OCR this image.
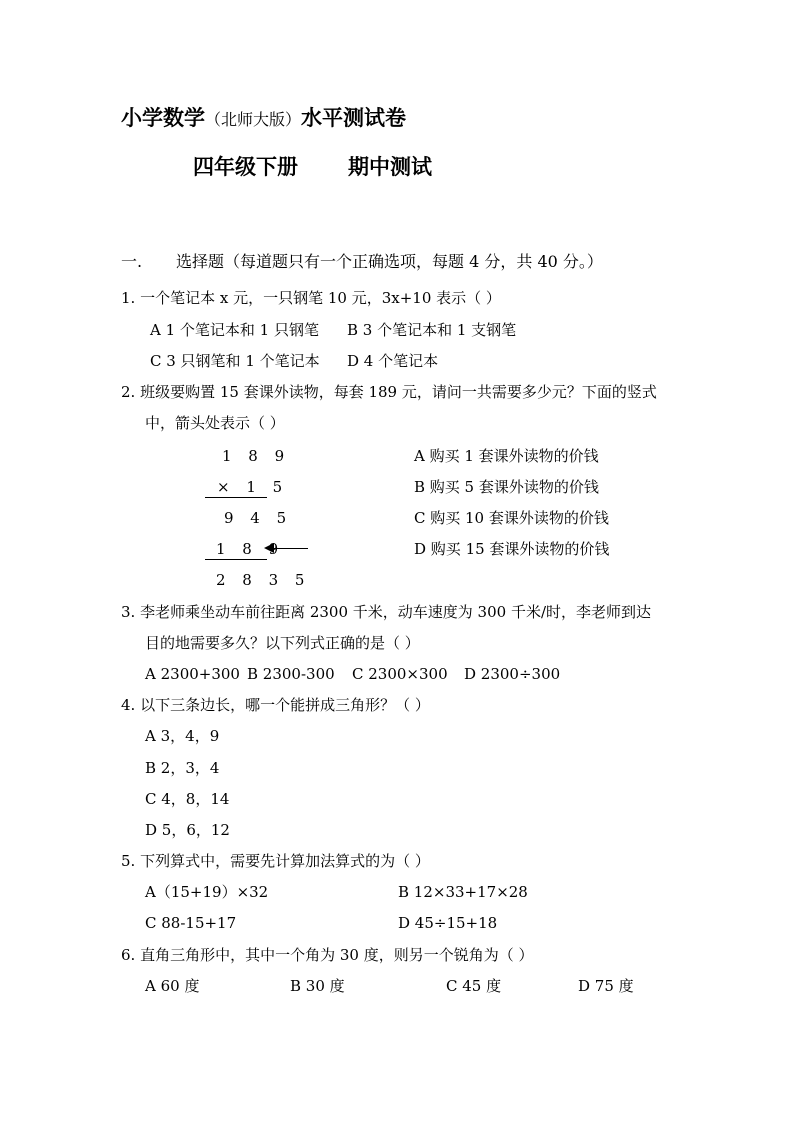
小学数学（北师大版）水平测试卷
四年级下册 期中测试
一. 选择题（每道题只有一个正确选项，每题 4 分，共 40 分。）
1. 一个笔记本 x 元，一只钢笔 10 元，3x+10 表示（ ）
A 1 个笔记本和 1 只钢笔 B 3 个笔记本和 1 支钢笔
C 3 只钢笔和 1 个笔记本 D 4 个笔记本
2. 班级要购置 15 套课外读物，每套 189 元，请问一共需要多少元？下面的竖式
中，箭头处表示（ ）
1 8 9
× 1 5
9 4 5
1 8 9
2 8 3 5
A 购买 1 套课外读物的价钱
B 购买 5 套课外读物的价钱
C 购买 10 套课外读物的价钱
D 购买 15 套课外读物的价钱
3. 李老师乘坐动车前往距离 2300 千米，动车速度为 300 千米/时，李老师到达
目的地需要多久？以下列式正确的是（ ）
A 2300+300 B 2300-300 C 2300×300 D 2300÷300
4. 以下三条边长，哪一个能拼成三角形？（ ）
A 3，4，9
B 2，3，4
C 4，8，14
D 5，6，12
5. 下列算式中，需要先计算加法算式的为（ ）
A（15+19）×32	B 12×33+17×28
C 88-15+17	D 45÷15+18
6. 直角三角形中，其中一个角为 30 度，则另一个锐角为（ ）
A 60 度	B 30 度	C 45 度	D 75 度
